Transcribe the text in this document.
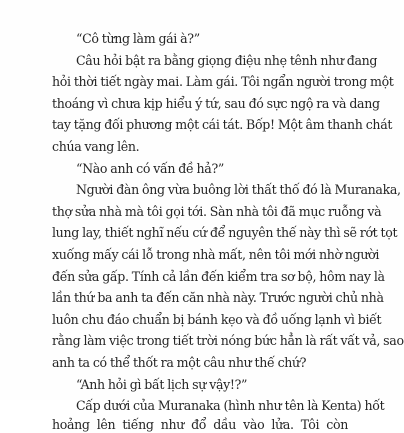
“Cô từng làm gái à?”
Câu hỏi bật ra bằng giọng điệu nhẹ tênh như đang
hỏi thời tiết ngày mai. Làm gái. Tôi ngẩn người trong một
thoáng vì chưa kịp hiểu ý tứ, sau đó sực ngộ ra và dang
tay tặng đối phương một cái tát. Bốp! Một âm thanh chát
chúa vang lên.
“Nào anh có vấn đề hả?”
Người đàn ông vừa buông lời thất thố đó là Muranaka,
thợ sửa nhà mà tôi gọi tới. Sàn nhà tôi đã mục ruỗng và
lung lay, thiết nghĩ nếu cứ để nguyên thế này thì sẽ rớt tọt
xuống mấy cái lỗ trong nhà mất, nên tôi mới nhờ người
đến sửa gấp. Tính cả lần đến kiểm tra sơ bộ, hôm nay là
lần thứ ba anh ta đến căn nhà này. Trước người chủ nhà
luôn chu đáo chuẩn bị bánh kẹo và đồ uống lạnh vì biết
rằng làm việc trong tiết trời nóng bức hẳn là rất vất vả, sao
anh ta có thể thốt ra một câu như thế chứ?
“Anh hỏi gì bất lịch sự vậy!?”
Cấp dưới của Muranaka (hình như tên là Kenta) hốt
hoảng lên tiếng như đổ dầu vào lửa. Tôi còn
